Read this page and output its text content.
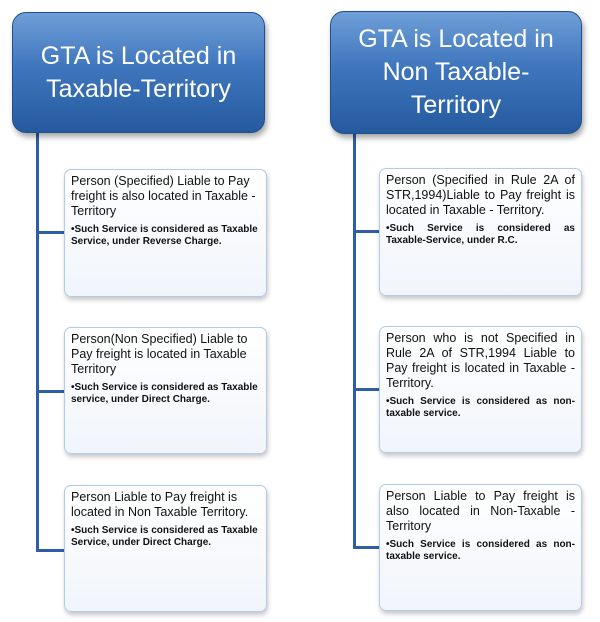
GTA is Located in Taxable-Territory
GTA is Located in Non Taxable-Territory

Person (Specified) Liable to Pay freight is also located in Taxable - Territory

•Such Service is considered as Taxable Service, under Reverse Charge.

Person(Non Specified) Liable to Pay freight is located in Taxable Territory

•Such Service is considered as Taxable service, under Direct Charge.

Person Liable to Pay freight is located in Non Taxable Territory.

•Such Service is considered as Taxable Service, under Direct Charge.

Person (Specified in Rule 2A of STR,1994)Liable to Pay freight is located in Taxable - Territory.

•Such Service is considered as Taxable-Service, under R.C.

Person who is not Specified in Rule 2A of STR,1994 Liable to Pay freight is located in Taxable - Territory.

•Such Service is considered as non-taxable service.

Person Liable to Pay freight is also located in Non-Taxable - Territory

•Such Service is considered as non-taxable service.
